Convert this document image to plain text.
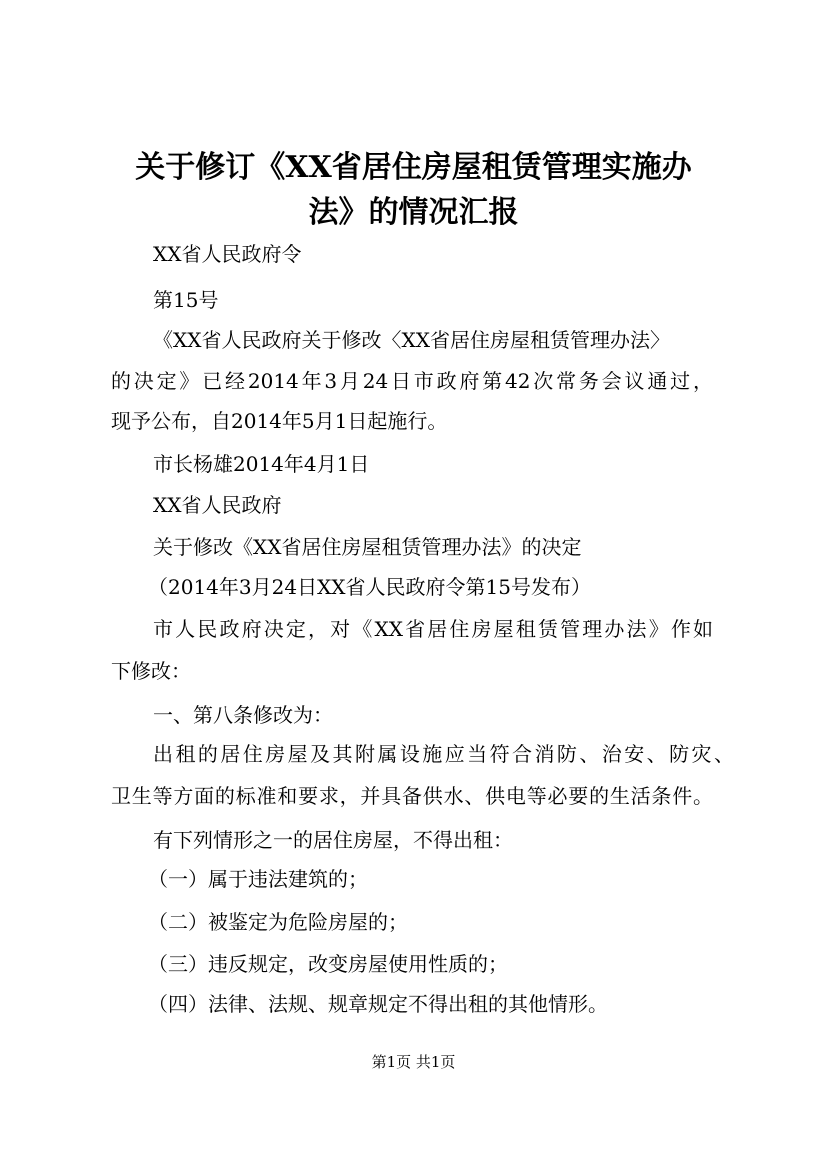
关于修订《XX省居住房屋租赁管理实施办
法》的情况汇报
XX省人民政府令
第15号
《XX省人民政府关于修改〈XX省居住房屋租赁管理办法〉
的决定》已经2014年3月24日市政府第42次常务会议通过，
现予公布，自2014年5月1日起施行。
市长杨雄2014年4月1日
XX省人民政府
关于修改《XX省居住房屋租赁管理办法》的决定
（2014年3月24日XX省人民政府令第15号发布）
市人民政府决定，对《XX省居住房屋租赁管理办法》作如
下修改：
一、第八条修改为：
出租的居住房屋及其附属设施应当符合消防、治安、防灾、
卫生等方面的标准和要求，并具备供水、供电等必要的生活条件。
有下列情形之一的居住房屋，不得出租：
（一）属于违法建筑的；
（二）被鉴定为危险房屋的；
（三）违反规定，改变房屋使用性质的；
（四）法律、法规、规章规定不得出租的其他情形。
第1页 共1页
